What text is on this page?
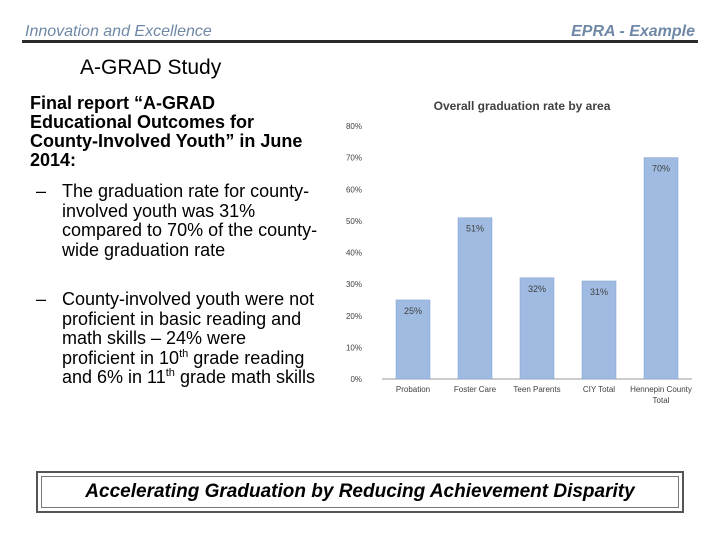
Innovation and Excellence	EPRA - Example
A-GRAD Study
Final report “A-GRAD Educational Outcomes for County-Involved Youth” in June 2014:
– The graduation rate for county-involved youth was 31% compared to 70% of the county-wide graduation rate
– County-involved youth were not proficient in basic reading and math skills – 24% were proficient in 10th grade reading and 6% in 11th grade math skills
Overall graduation rate by area
0%
10%
20%
30%
40%
50%
60%
70%
80%
25%
Probation
51%
Foster Care
32%
Teen Parents
31%
CIY Total
70%
Hennepin County
Total
Accelerating Graduation by Reducing Achievement Disparity
